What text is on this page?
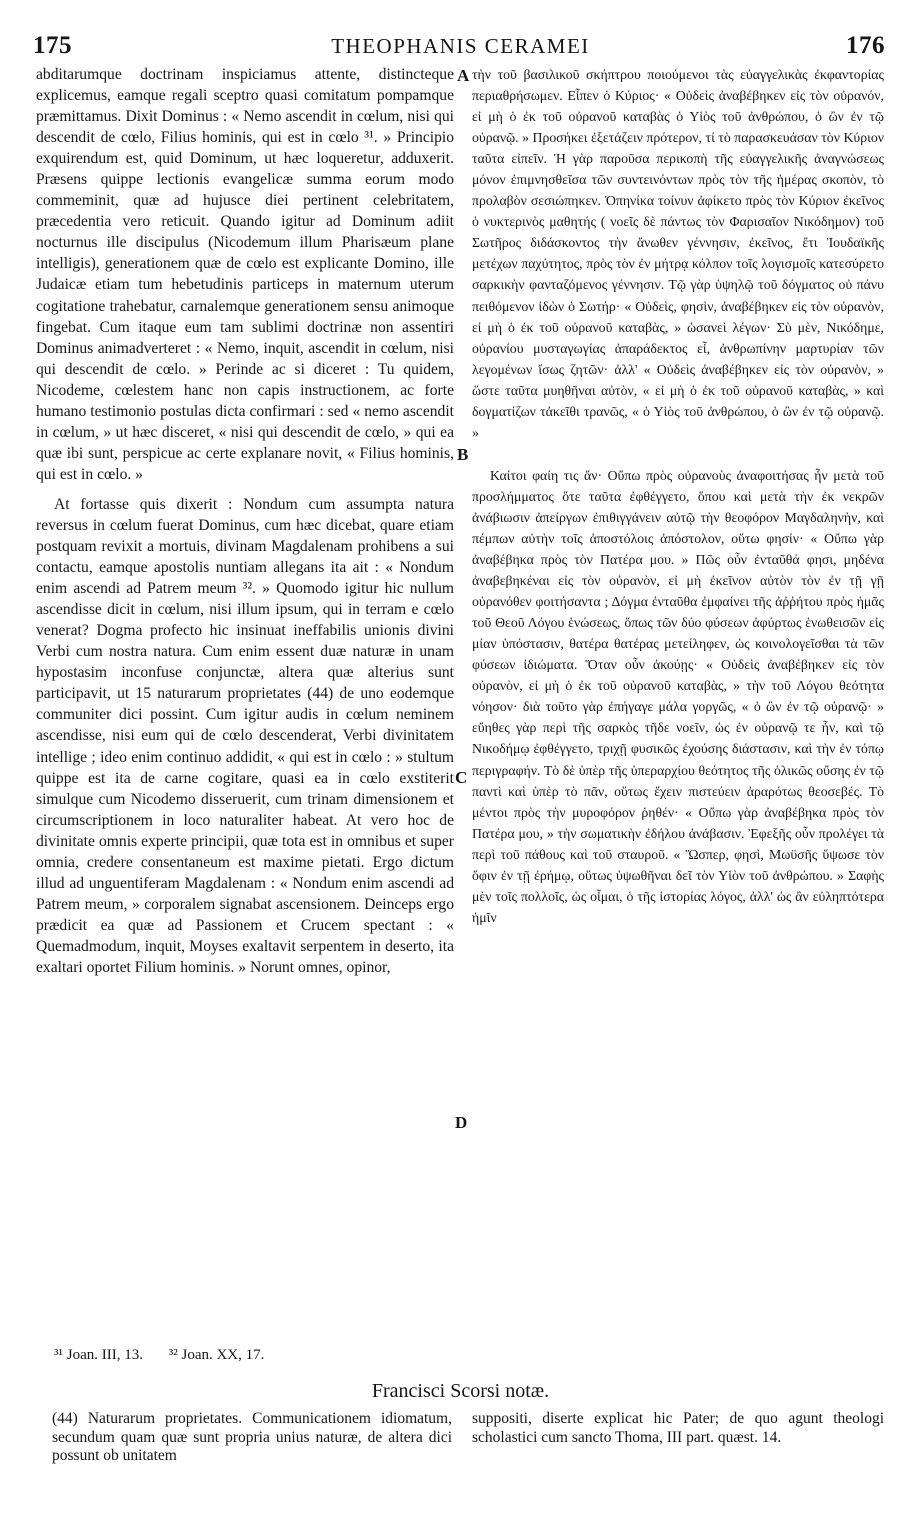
175	THEOPHANIS CERAMEI	176

abditarumque doctrinam inspiciamus attente, distincteque explicemus, eamque regali sceptro quasi comitatum pompamque præmittamus. Dixit Dominus : « Nemo ascendit in cœlum, nisi qui descendit de cœlo, Filius hominis, qui est in cœlo ³¹. » Principio exquirendum est, quid Dominum, ut hæc loqueretur, adduxerit. Præsens quippe lectionis evangelicæ summa eorum modo commeminit, quæ ad hujusce diei pertinent celebritatem, præcedentia vero reticuit. Quando igitur ad Dominum adiit nocturnus ille discipulus (Nicodemum illum Pharisæum plane intelligis), generationem quæ de cœlo est explicante Domino, ille Judaicæ etiam tum hebetudinis particeps in maternum uterum cogitatione trahebatur, carnalemque generationem sensu animoque fingebat. Cum itaque eum tam sublimi doctrinæ non assentiri Dominus animadverteret : « Nemo, inquit, ascendit in cœlum, nisi qui descendit de cœlo. » Perinde ac si diceret : Tu quidem, Nicodeme, cœlestem hanc non capis instructionem, ac forte humano testimonio postulas dicta confirmari : sed « nemo ascendit in cœlum, » ut hæc disceret, « nisi qui descendit de cœlo, » qui ea quæ ibi sunt, perspicue ac certe explanare novit, « Filius hominis, qui est in cœlo. »

At fortasse quis dixerit : Nondum cum assumpta natura reversus in cœlum fuerat Dominus, cum hæc dicebat, quare etiam postquam revixit a mortuis, divinam Magdalenam prohibens a sui contactu, eamque apostolis nuntiam allegans ita ait : « Nondum enim ascendi ad Patrem meum ³². » Quomodo igitur hic nullum ascendisse dicit in cœlum, nisi illum ipsum, qui in terram e cœlo venerat? Dogma profecto hic insinuat ineffabilis unionis divini Verbi cum nostra natura. Cum enim essent duæ naturæ in unam hypostasim inconfuse conjunctæ, altera quæ alterius sunt participavit, ut 15 naturarum proprietates (44) de uno eodemque communiter dici possint. Cum igitur audis in cœlum neminem ascendisse, nisi eum qui de cœlo descenderat, Verbi divinitatem intellige ; ideo enim continuo addidit, « qui est in cœlo : » stultum quippe est ita de carne cogitare, quasi ea in cœlo exstiterit simulque cum Nicodemo disseruerit, cum trinam dimensionem et circumscriptionem in loco naturaliter habeat. At vero hoc de divinitate omnis experte principii, quæ tota est in omnibus et super omnia, credere consentaneum est maxime pietati. Ergo dictum illud ad unguentiferam Magdalenam : « Nondum enim ascendi ad Patrem meum, » corporalem signabat ascensionem. Deinceps ergo prædicit ea quæ ad Passionem et Crucem spectant : « Quemadmodum, inquit, Moyses exaltavit serpentem in deserto, ita exaltari oportet Filium hominis. » Norunt omnes, opinor,

A
B
C
D

τὴν τοῦ βασιλικοῦ σκήπτρου ποιούμενοι τὰς εὐαγγελικὰς ἐκφαντορίας περιαθρήσωμεν. Εἶπεν ὁ Κύριος· « Οὐδεὶς ἀναβέβηκεν εἰς τὸν οὐρανόν, εἰ μὴ ὁ ἐκ τοῦ οὐρανοῦ καταβὰς ὁ Υἱὸς τοῦ ἀνθρώπου, ὁ ὢν ἐν τῷ οὐρανῷ. » Προσήκει ἐξετάζειν πρότερον, τί τὸ παρασκευάσαν τὸν Κύριον ταῦτα εἰπεῖν. Ἡ γὰρ παροῦσα περικοπὴ τῆς εὐαγγελικῆς ἀναγνώσεως μόνον ἐπιμνησθεῖσα τῶν συντεινόντων πρὸς τὸν τῆς ἡμέρας σκοπὸν, τὸ προλαβὸν σεσιώπηκεν. Ὁπηνίκα τοίνυν ἀφίκετο πρὸς τὸν Κύριον ἐκεῖνος ὁ νυκτερινὸς μαθητής ( νοεῖς δὲ πάντως τὸν Φαρισαῖον Νικόδημον) τοῦ Σωτῆρος διδάσκοντος τὴν ἄνωθεν γέννησιν, ἐκεῖνος, ἔτι Ἰουδαϊκῆς μετέχων παχύτητος, πρὸς τὸν ἐν μήτρᾳ κόλπον τοῖς λογισμοῖς κατεσύρετο σαρκικὴν φανταζόμενος γέννησιν. Τῷ γὰρ ὑψηλῷ τοῦ δόγματος οὐ πάνυ πειθόμενον ἰδὼν ὁ Σωτήρ· « Οὐδεὶς, φησὶν, ἀναβέβηκεν εἰς τὸν οὐρανὸν, εἰ μὴ ὁ ἐκ τοῦ οὐρανοῦ καταβὰς, » ὡσανεὶ λέγων· Σὺ μὲν, Νικόδημε, οὐρανίου μυσταγωγίας ἀπαράδεκτος εἶ, ἀνθρωπίνην μαρτυρίαν τῶν λεγομένων ἴσως ζητῶν· ἀλλ' « Οὐδεὶς ἀναβέβηκεν εἰς τὸν οὐρανὸν, » ὥστε ταῦτα μυηθῆναι αὐτὸν, « εἰ μὴ ὁ ἐκ τοῦ οὐρανοῦ καταβὰς, » καὶ δογματίζων τἀκεῖθι τρανῶς, « ὁ Υἱὸς τοῦ ἀνθρώπου, ὁ ὢν ἐν τῷ οὐρανῷ. »

Καίτοι φαίη τις ἄν· Οὔπω πρὸς οὐρανοὺς ἀναφοιτήσας ἦν μετὰ τοῦ προσλήμματος ὅτε ταῦτα ἐφθέγγετο, ὅπου καὶ μετὰ τὴν ἐκ νεκρῶν ἀνάβιωσιν ἀπείργων ἐπιθιγγάνειν αὐτῷ τὴν θεοφόρον Μαγδαληνὴν, καὶ πέμπων αὐτὴν τοῖς ἀποστόλοις ἀπόστολον, οὕτω φησίν· « Οὔπω γὰρ ἀναβέβηκα πρὸς τὸν Πατέρα μου. » Πῶς οὖν ἐνταῦθά φησι, μηδένα ἀναβεβηκέναι εἰς τὸν οὐρανὸν, εἰ μὴ ἐκεῖνον αὐτὸν τὸν ἐν τῇ γῇ οὐρανόθεν φοιτήσαντα ; Δόγμα ἐνταῦθα ἐμφαίνει τῆς ἀῤῥήτου πρὸς ἡμᾶς τοῦ Θεοῦ Λόγου ἑνώσεως, ὅπως τῶν δύο φύσεων ἀφύρτως ἑνωθεισῶν εἰς μίαν ὑπόστασιν, θατέρα θατέρας μετείληφεν, ὡς κοινολογεῖσθαι τὰ τῶν φύσεων ἰδιώματα. Ὅταν οὖν ἀκούῃς· « Οὐδεὶς ἀναβέβηκεν εἰς τὸν οὐρανὸν, εἰ μὴ ὁ ἐκ τοῦ οὐρανοῦ καταβὰς, » τὴν τοῦ Λόγου θεότητα νόησον· διὰ τοῦτο γὰρ ἐπήγαγε μάλα γοργῶς, « ὁ ὢν ἐν τῷ οὐρανῷ· » εὔηθες γὰρ περὶ τῆς σαρκὸς τῆδε νοεῖν, ὡς ἐν οὐρανῷ τε ἦν, καὶ τῷ Νικοδήμῳ ἐφθέγγετο, τριχῇ φυσικῶς ἐχούσης διάστασιν, καὶ τὴν ἐν τόπῳ περιγραφήν. Τὸ δὲ ὑπὲρ τῆς ὑπεραρχίου θεότητος τῆς ὁλικῶς οὔσης ἐν τῷ παντὶ καὶ ὑπὲρ τὸ πᾶν, οὕτως ἔχειν πιστεύειν ἀραρότως θεοσεβές. Τὸ μέντοι πρὸς τὴν μυροφόρον ῥηθέν· « Οὔπω γὰρ ἀναβέβηκα πρὸς τὸν Πατέρα μου, » τὴν σωματικὴν ἐδήλου ἀνάβασιν. Ἐφεξῆς οὖν προλέγει τὰ περὶ τοῦ πάθους καὶ τοῦ σταυροῦ. « Ὥσπερ, φησὶ, Μωϋσῆς ὕψωσε τὸν ὄφιν ἐν τῇ ἐρήμῳ, οὕτως ὑψωθῆναι δεῖ τὸν Υἱὸν τοῦ ἀνθρώπου. » Σαφὴς μὲν τοῖς πολλοῖς, ὡς οἶμαι, ὁ τῆς ἱστορίας λόγος, ἀλλ' ὡς ἂν εὐληπτότερα ἡμῖν

³¹ Joan. III, 13. ³² Joan. XX, 17.
Francisci Scorsi notæ.
(44) Naturarum proprietates. Communicationem idiomatum, secundum quam quæ sunt propria unius naturæ, de altera dici possunt ob unitatem
suppositi, diserte explicat hic Pater; de quo agunt theologi scholastici cum sancto Thoma, III part. quæst. 14.
